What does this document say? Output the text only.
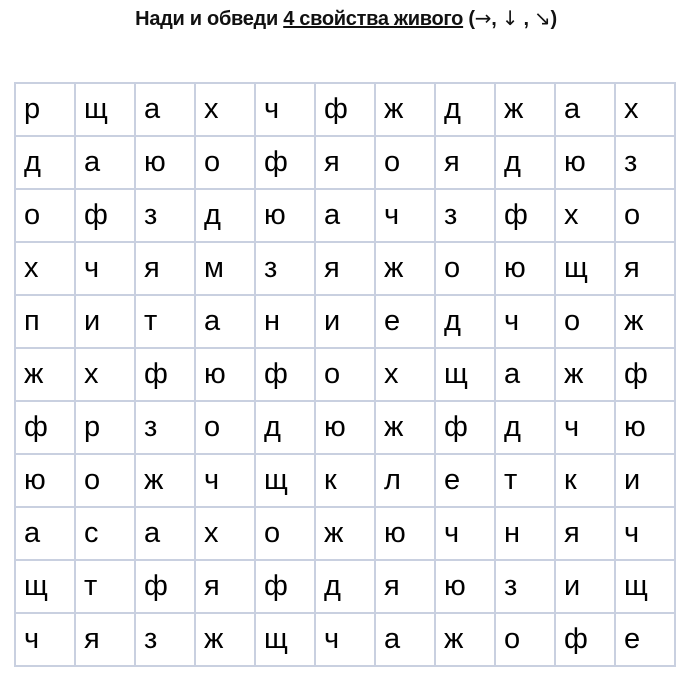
Нади и обведи 4 свойства живого (→, ↓ , ↘)
р	щ	а	х	ч	ф	ж	д	ж	а	х
д	а	ю	о	ф	я	о	я	д	ю	з
о	ф	з	д	ю	а	ч	з	ф	х	о
х	ч	я	м	з	я	ж	о	ю	щ	я
п	и	т	а	н	и	е	д	ч	о	ж
ж	х	ф	ю	ф	о	х	щ	а	ж	ф
ф	р	з	о	д	ю	ж	ф	д	ч	ю
ю	о	ж	ч	щ	к	л	е	т	к	и
а	с	а	х	о	ж	ю	ч	н	я	ч
щ	т	ф	я	ф	д	я	ю	з	и	щ
ч	я	з	ж	щ	ч	а	ж	о	ф	е
